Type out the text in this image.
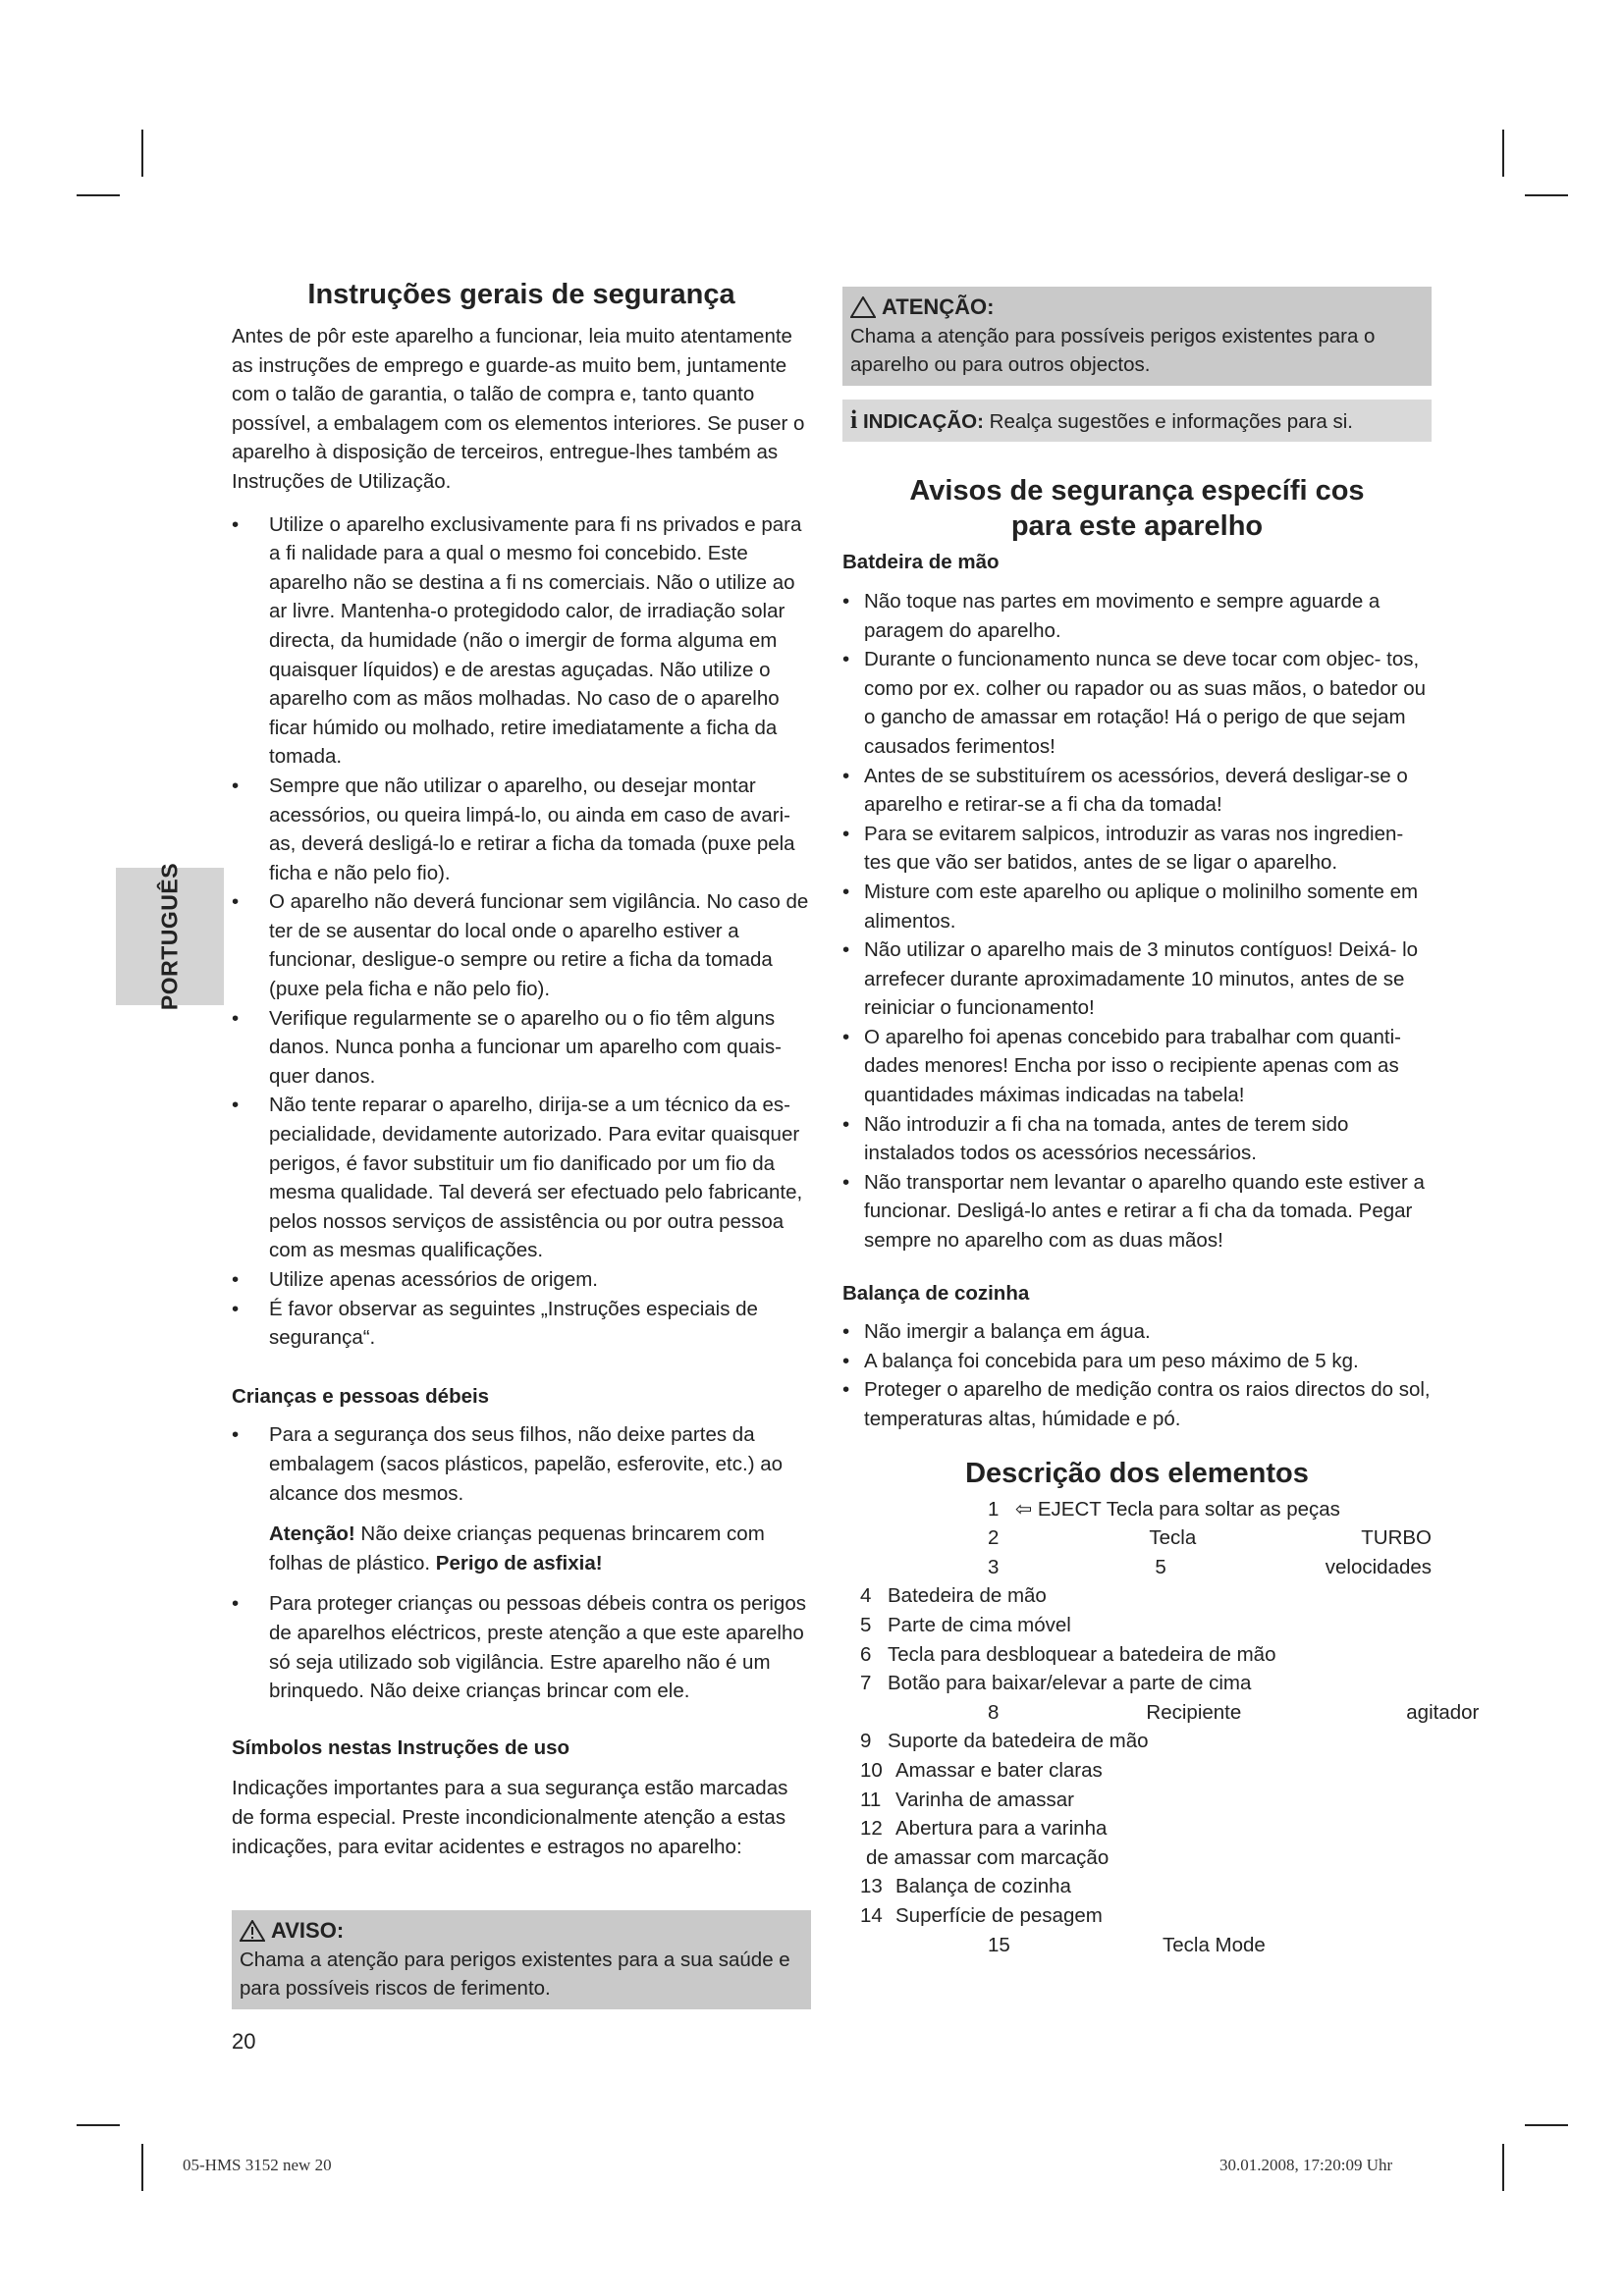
PORTUGUÊS
Instruções gerais de segurança

Antes de pôr este aparelho a funcionar, leia muito atentamente as instruções de emprego e guarde-as muito bem, juntamente com o talão de garantia, o talão de compra e, tanto quanto possível, a embalagem com os elementos interiores. Se puser o aparelho à disposição de terceiros, entregue-lhes também as Instruções de Utilização.

• Utilize o aparelho exclusivamente para fi ns privados e para a fi nalidade para a qual o mesmo foi concebido. Este aparelho não se destina a fi ns comerciais. Não o utilize ao ar livre. Mantenha-o protegidodo calor, de irradiação solar directa, da humidade (não o imergir de forma alguma em quaisquer líquidos) e de arestas aguçadas. Não utilize o aparelho com as mãos molhadas. No caso de o aparelho ficar húmido ou molhado, retire imediatamente a ficha da tomada.
• Sempre que não utilizar o aparelho, ou desejar montar acessórios, ou queira limpá-lo, ou ainda em caso de avari- as, deverá desligá-lo e retirar a ficha da tomada (puxe pela ficha e não pelo fio).
• O aparelho não deverá funcionar sem vigilância. No caso de ter de se ausentar do local onde o aparelho estiver a funcionar, desligue-o sempre ou retire a ficha da tomada (puxe pela ficha e não pelo fio).
• Verifique regularmente se o aparelho ou o fio têm alguns danos. Nunca ponha a funcionar um aparelho com quais- quer danos.
• Não tente reparar o aparelho, dirija-se a um técnico da es- pecialidade, devidamente autorizado. Para evitar quaisquer perigos, é favor substituir um fio danificado por um fio da mesma qualidade. Tal deverá ser efectuado pelo fabricante, pelos nossos serviços de assistência ou por outra pessoa com as mesmas qualificações.
• Utilize apenas acessórios de origem.
• É favor observar as seguintes „Instruções especiais de segurança“.
Crianças e pessoas débeis
• Para a segurança dos seus filhos, não deixe partes da embalagem (sacos plásticos, papelão, esferovite, etc.) ao alcance dos mesmos.

Atenção! Não deixe crianças pequenas brincarem com folhas de plástico. Perigo de asfixia!

• Para proteger crianças ou pessoas débeis contra os perigos de aparelhos eléctricos, preste atenção a que este aparelho só seja utilizado sob vigilância. Estre aparelho não é um brinquedo. Não deixe crianças brincar com ele.
Símbolos nestas Instruções de uso

Indicações importantes para a sua segurança estão marcadas de forma especial. Preste incondicionalmente atenção a estas indicações, para evitar acidentes e estragos no aparelho:

AVISO:
Chama a atenção para perigos existentes para a sua saúde e para possíveis riscos de ferimento.
20
ATENÇÃO:
Chama a atenção para possíveis perigos existentes para o aparelho ou para outros objectos.
i INDICAÇÃO: Realça sugestões e informações para si.
Avisos de segurança específi cos
para este aparelho
Batdeira de mão
• Não toque nas partes em movimento e sempre aguarde a paragem do aparelho.
• Durante o funcionamento nunca se deve tocar com objec- tos, como por ex. colher ou rapador ou as suas mãos, o batedor ou o gancho de amassar em rotação! Há o perigo de que sejam causados ferimentos!
• Antes de se substituírem os acessórios, deverá desligar-se o aparelho e retirar-se a fi cha da tomada!
• Para se evitarem salpicos, introduzir as varas nos ingredien- tes que vão ser batidos, antes de se ligar o aparelho.
• Misture com este aparelho ou aplique o molinilho somente em alimentos.
• Não utilizar o aparelho mais de 3 minutos contíguos! Deixá- lo arrefecer durante aproximadamente 10 minutos, antes de se reiniciar o funcionamento!
• O aparelho foi apenas concebido para trabalhar com quanti- dades menores! Encha por isso o recipiente apenas com as quantidades máximas indicadas na tabela!
• Não introduzir a fi cha na tomada, antes de terem sido instalados todos os acessórios necessários.
• Não transportar nem levantar o aparelho quando este estiver a funcionar. Desligá-lo antes e retirar a fi cha da tomada. Pegar sempre no aparelho com as duas mãos!
Balança de cozinha
• Não imergir a balança em água.
• A balança foi concebida para um peso máximo de 5 kg.
• Proteger o aparelho de medição contra os raios directos do sol, temperaturas altas, húmidade e pó.
Descrição dos elementos
1 ⇦ EJECT Tecla para soltar as peças
2	Tecla	TURBO
3	5	velocidades
4 Batedeira de mão
5 Parte de cima móvel
6 Tecla para desbloquear a batedeira de mão
7 Botão para baixar/elevar a parte de cima
8	Recipiente	agitador
9 Suporte da batedeira de mão
10 Amassar e bater claras
11 Varinha de amassar
12 Abertura para a varinha
de amassar com marcação
13 Balança de cozinha
14 Superfície de pesagem
15	Tecla Mode
05-HMS 3152 new 20	30.01.2008, 17:20:09 Uhr
